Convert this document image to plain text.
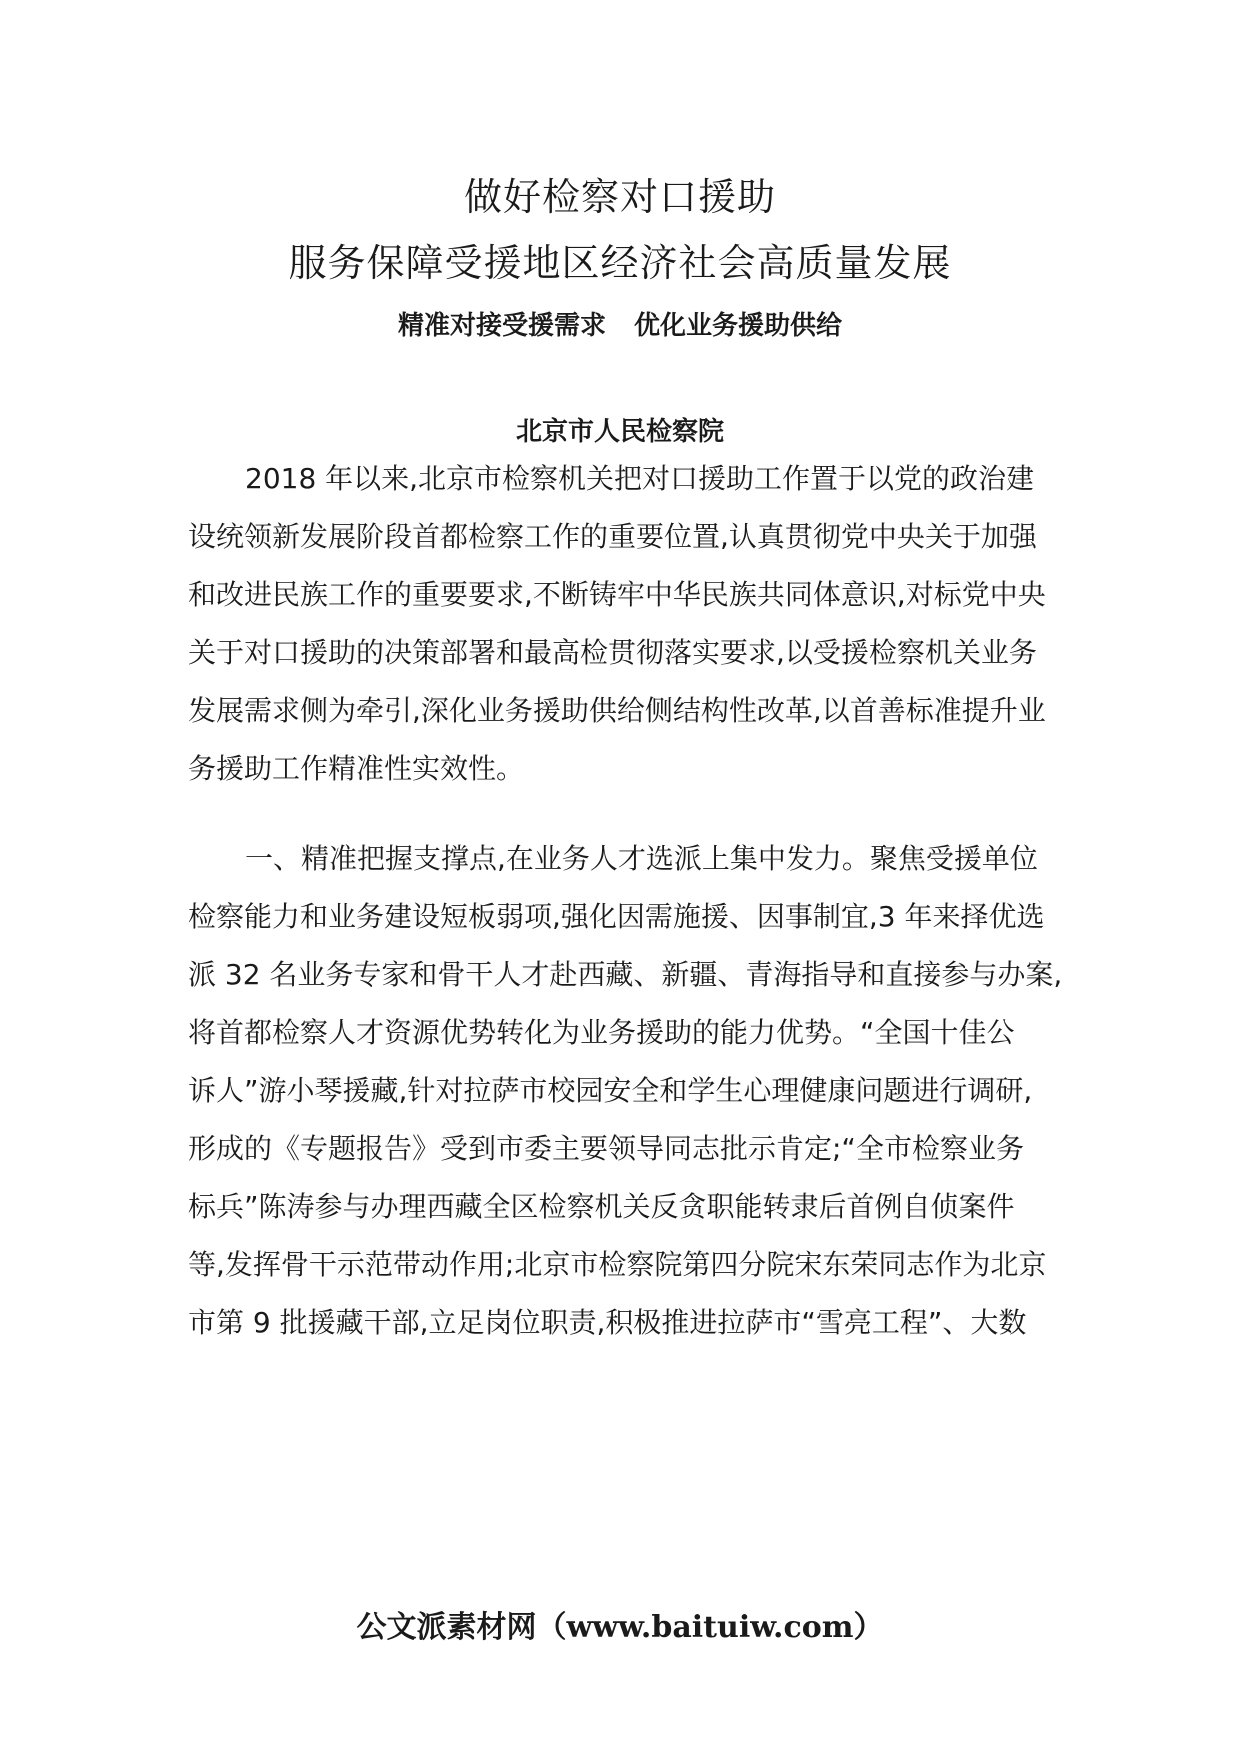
做好检察对口援助
服务保障受援地区经济社会高质量发展
精准对接受援需求 优化业务援助供给
北京市人民检察院
2018 年以来,北京市检察机关把对口援助工作置于以党的政治建
设统领新发展阶段首都检察工作的重要位置,认真贯彻党中央关于加强
和改进民族工作的重要要求,不断铸牢中华民族共同体意识,对标党中央
关于对口援助的决策部署和最高检贯彻落实要求,以受援检察机关业务
发展需求侧为牵引,深化业务援助供给侧结构性改革,以首善标准提升业
务援助工作精准性实效性。
一、精准把握支撑点,在业务人才选派上集中发力。聚焦受援单位
检察能力和业务建设短板弱项,强化因需施援、因事制宜,3 年来择优选
派 32 名业务专家和骨干人才赴西藏、新疆、青海指导和直接参与办案,
将首都检察人才资源优势转化为业务援助的能力优势。“全国十佳公
诉人”游小琴援藏,针对拉萨市校园安全和学生心理健康问题进行调研,
形成的《专题报告》受到市委主要领导同志批示肯定;“全市检察业务
标兵”陈涛参与办理西藏全区检察机关反贪职能转隶后首例自侦案件
等,发挥骨干示范带动作用;北京市检察院第四分院宋东荣同志作为北京
市第 9 批援藏干部,立足岗位职责,积极推进拉萨市“雪亮工程”、大数
公文派素材网（www.baituiw.com）
